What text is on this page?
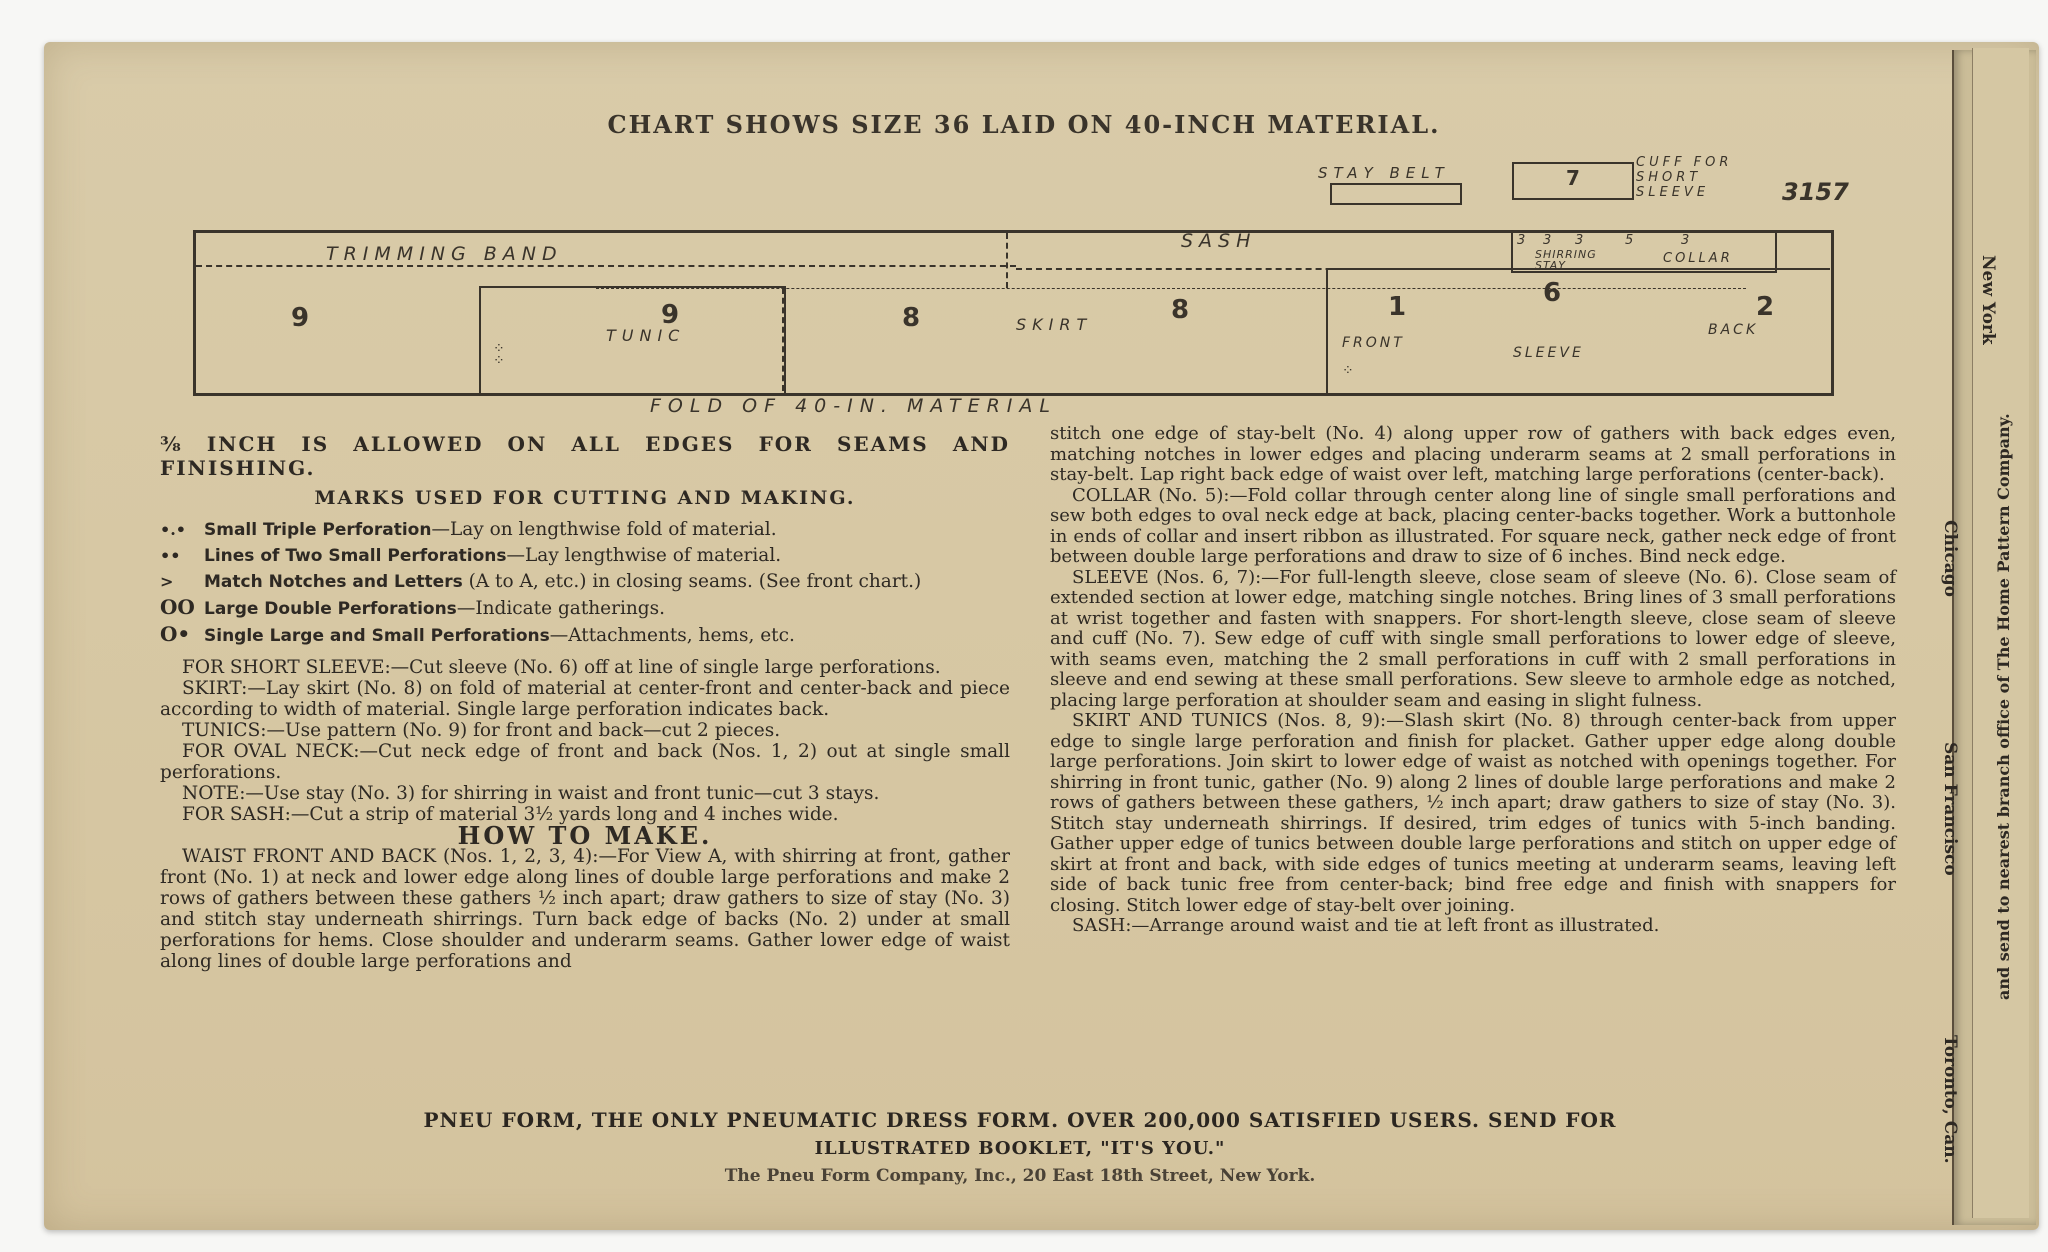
CHART SHOWS SIZE 36 LAID ON 40-INCH MATERIAL.
STAY BELT	7
CUFF FOR SHORT SLEEVE	3157
TRIMMING BAND
SASH
9	9
TUNIC
⁘
⁘
8	SKIRT	8	1
FRONT
6
SLEEVE
2
BACK
⁘
3 3 3
SHIRRING STAY
5	3
COLLAR
FOLD OF 40-IN. MATERIAL

⅜ INCH IS ALLOWED ON ALL EDGES FOR SEAMS AND FINISHING.

MARKS USED FOR CUTTING AND MAKING.

•.•	Small Triple Perforation—Lay on lengthwise fold of material.
••	Lines of Two Small Perforations—Lay lengthwise of material.
>	Match Notches and Letters (A to A, etc.) in closing seams. (See front chart.)
OO Large Double Perforations—Indicate gatherings.
O• Single Large and Small Perforations—Attachments, hems, etc.

FOR SHORT SLEEVE:—Cut sleeve (No. 6) off at line of single large perforations.

SKIRT:—Lay skirt (No. 8) on fold of material at center-front and center-back and piece according to width of material. Single large perforation indicates back.

TUNICS:—Use pattern (No. 9) for front and back—cut 2 pieces.

FOR OVAL NECK:—Cut neck edge of front and back (Nos. 1, 2) out at single small perforations.

NOTE:—Use stay (No. 3) for shirring in waist and front tunic—cut 3 stays.

FOR SASH:—Cut a strip of material 3½ yards long and 4 inches wide.

HOW TO MAKE.

WAIST FRONT AND BACK (Nos. 1, 2, 3, 4):—For View A, with shirring at front, gather front (No. 1) at neck and lower edge along lines of double large perforations and make 2 rows of gathers between these gathers ½ inch apart; draw gathers to size of stay (No. 3) and stitch stay underneath shirrings. Turn back edge of backs (No. 2) under at small perforations for hems. Close shoulder and underarm seams. Gather lower edge of waist along lines of double large perforations and

stitch one edge of stay-belt (No. 4) along upper row of gathers with back edges even, matching notches in lower edges and placing underarm seams at 2 small perforations in stay-belt. Lap right back edge of waist over left, matching large perforations (center-back).

COLLAR (No. 5):—Fold collar through center along line of single small perforations and sew both edges to oval neck edge at back, placing center-backs together. Work a buttonhole in ends of collar and insert ribbon as illustrated. For square neck, gather neck edge of front between double large perforations and draw to size of 6 inches. Bind neck edge.

SLEEVE (Nos. 6, 7):—For full-length sleeve, close seam of sleeve (No. 6). Close seam of extended section at lower edge, matching single notches. Bring lines of 3 small perforations at wrist together and fasten with snappers. For short-length sleeve, close seam of sleeve and cuff (No. 7). Sew edge of cuff with single small perforations to lower edge of sleeve, with seams even, matching the 2 small perforations in cuff with 2 small perforations in sleeve and end sewing at these small perforations. Sew sleeve to armhole edge as notched, placing large perforation at shoulder seam and easing in slight fulness.

SKIRT AND TUNICS (Nos. 8, 9):—Slash skirt (No. 8) through center-back from upper edge to single large perforation and finish for placket. Gather upper edge along double large perforations. Join skirt to lower edge of waist as notched with openings together. For shirring in front tunic, gather (No. 9) along 2 lines of double large perforations and make 2 rows of gathers between these gathers, ½ inch apart; draw gathers to size of stay (No. 3). Stitch stay underneath shirrings. If desired, trim edges of tunics with 5-inch banding. Gather upper edge of tunics between double large perforations and stitch on upper edge of skirt at front and back, with side edges of tunics meeting at underarm seams, leaving left side of back tunic free from center-back; bind free edge and finish with snappers for closing. Stitch lower edge of stay-belt over joining.

SASH:—Arrange around waist and tie at left front as illustrated.

PNEU FORM, THE ONLY PNEUMATIC DRESS FORM. OVER 200,000 SATISFIED USERS. SEND FOR
ILLUSTRATED BOOKLET, "IT'S YOU."
The Pneu Form Company, Inc., 20 East 18th Street, New York.
New York
Chicago
San Francisco
Toronto, Can.
and send to nearest branch office of The Home Pattern Company.
